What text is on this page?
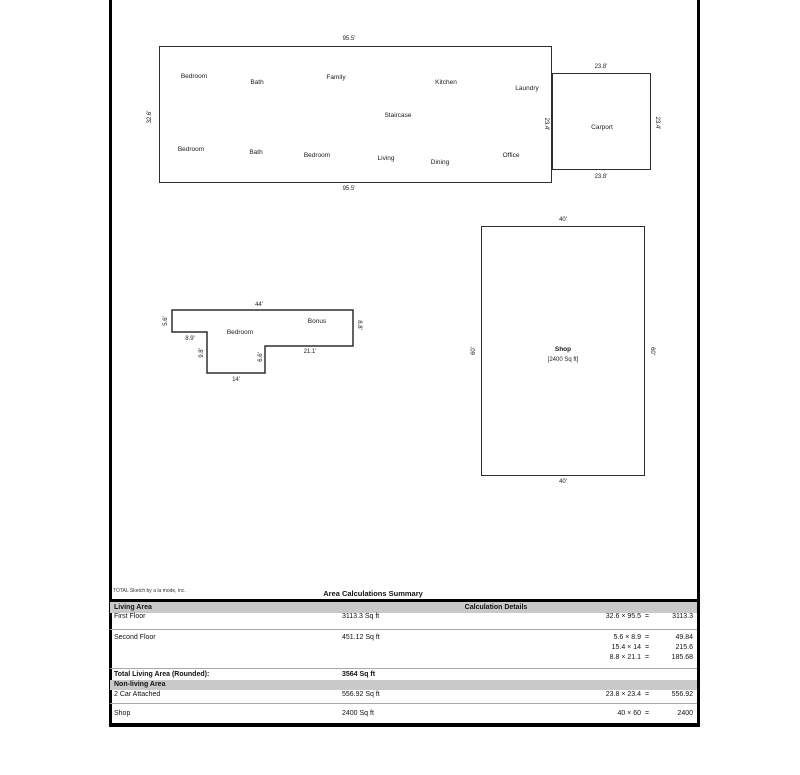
95.5'
95.5'
32.6'
23.4'
Bedroom
Bath
Family
Kitchen
Laundry
Staircase
Bedroom	Bath	Bedroom	Living
Dining
Office
23.8'
23.8'
23.4'
Carport
44'
5.6'
8.9'
9.8'
14'
6.6'
21.1'
8.8'
Bedroom
Bonus
40'
40'
60'	60'
Shop
[2400 Sq ft]
TOTAL Sketch by a la mode, inc.	Area Calculations Summary
Living Area	Calculation Details
First Floor	3113.3 Sq ft	32.6 × 95.5 =	3113.3
Second Floor	451.12 Sq ft	5.6 × 8.9 =	49.84
15.4 × 14 =	215.6
8.8 × 21.1 =	185.68
Total Living Area (Rounded):	3564 Sq ft
Non-living Area
2 Car Attached	556.92 Sq ft	23.8 × 23.4 =	556.92
Shop	2400 Sq ft	40 × 60 =	2400
